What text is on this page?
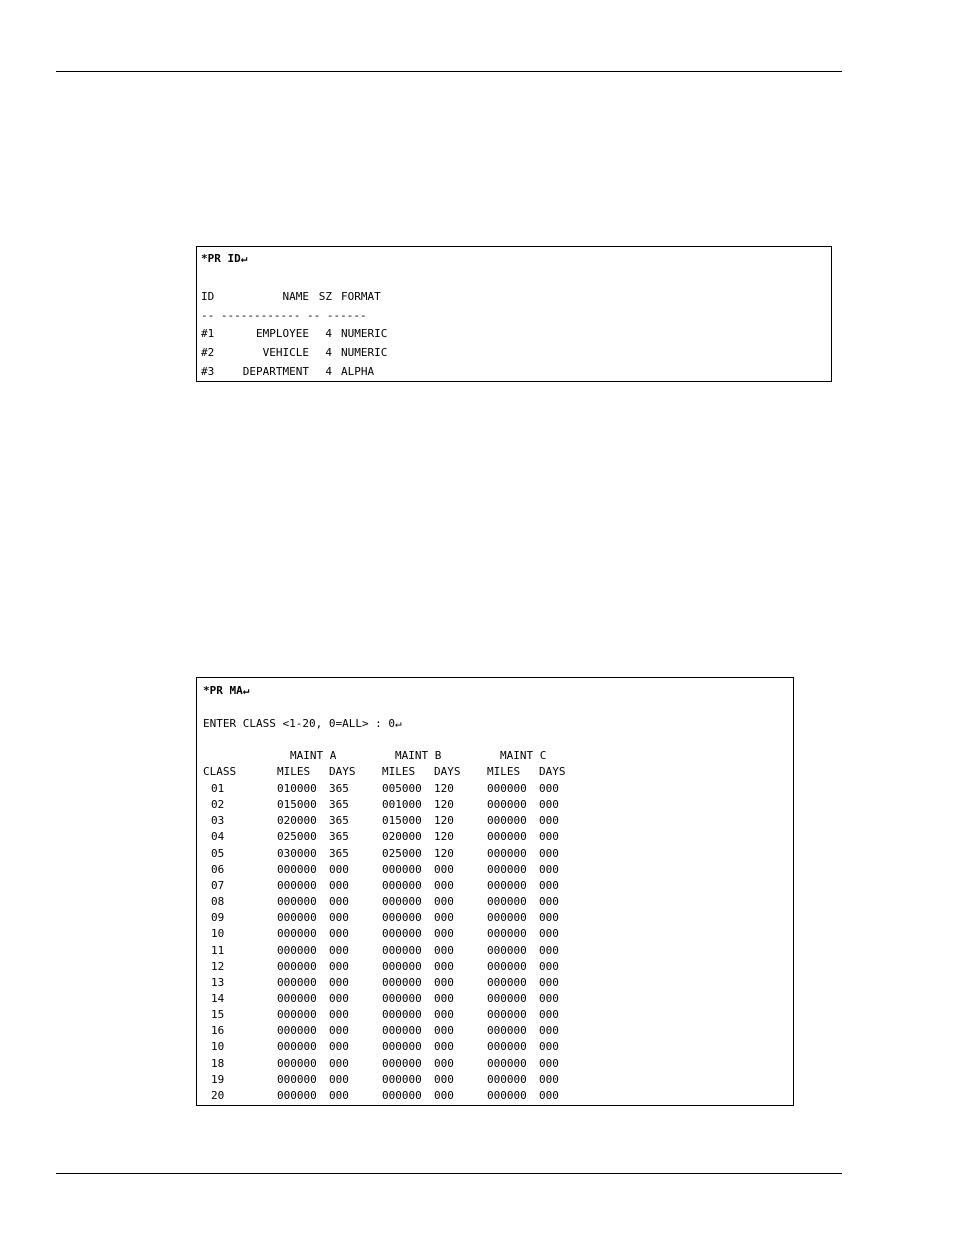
*PR ID↵
ID	NAME SZ FORMAT
-- ------------ -- ------
#1	EMPLOYEE	4 NUMERIC
#2	VEHICLE	4 NUMERIC
#3	DEPARTMENT	4 ALPHA
*PR MA↵
ENTER CLASS <1-20, 0=ALL> : 0↵
MAINT A	MAINT B	MAINT C
CLASS	MILES DAYS MILES DAYS MILES DAYS
01	010000 365	005000 120	000000 000
02	015000 365	001000 120	000000 000
03	020000 365	015000 120	000000 000
04	025000 365	020000 120	000000 000
05	030000 365	025000 120	000000 000
06	000000 000	000000 000	000000 000
07	000000 000	000000 000	000000 000
08	000000 000	000000 000	000000 000
09	000000 000	000000 000	000000 000
10	000000 000	000000 000	000000 000
11	000000 000	000000 000	000000 000
12	000000 000	000000 000	000000 000
13	000000 000	000000 000	000000 000
14	000000 000	000000 000	000000 000
15	000000 000	000000 000	000000 000
16	000000 000	000000 000	000000 000
10	000000 000	000000 000	000000 000
18	000000 000	000000 000	000000 000
19	000000 000	000000 000	000000 000
20	000000 000	000000 000	000000 000
